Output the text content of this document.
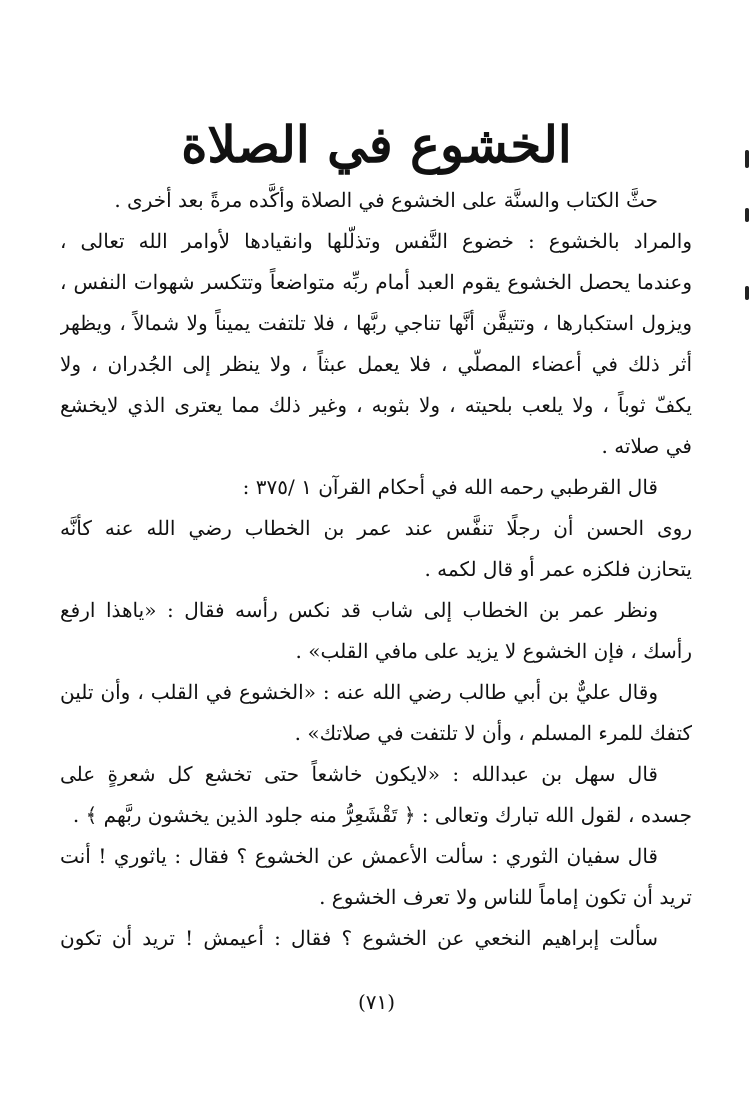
الخشوع في الصلاة
حثَّ الكتاب والسنَّة على الخشوع في الصلاة وأكَّده مرةً بعد أخرى .
والمراد بالخشوع : خضوع النَّفس وتذلّلها وانقيادها لأوامر الله تعالى ،
وعندما يحصل الخشوع يقوم العبد أمام ربِّه متواضعاً وتتكسر شهوات النفس ،
ويزول استكبارها ، وتتيقَّن أنَّها تناجي ربَّها ، فلا تلتفت يميناً ولا شمالاً ، ويظهر
أثر ذلك في أعضاء المصلّي ، فلا يعمل عبثاً ، ولا ينظر إلى الجُدران ، ولا
يكفّ ثوباً ، ولا يلعب بلحيته ، ولا بثوبه ، وغير ذلك مما يعترى الذي لايخشع
في صلاته .
قال القرطبي رحمه الله في أحكام القرآن ١ /٣٧٥ :
روى الحسن أن رجلًا تنفَّس عند عمر بن الخطاب رضي الله عنه كأنَّه
يتحازن فلكزه عمر أو قال لكمه .
ونظر عمر بن الخطاب إلى شاب قد نكس رأسه فقال : «ياهذا ارفع
رأسك ، فإن الخشوع لا يزيد على مافي القلب» .
وقال عليٌّ بن أبي طالب رضي الله عنه : «الخشوع في القلب ، وأن تلين
كتفك للمرء المسلم ، وأن لا تلتفت في صلاتك» .
قال سهل بن عبدالله : «لايكون خاشعاً حتى تخشع كل شعرةٍ على
جسده ، لقول الله تبارك وتعالى : ﴿ تَقْشَعِرُّ منه جلود الذين يخشون ربَّهم ﴾ .
قال سفيان الثوري : سألت الأعمش عن الخشوع ؟ فقال : ياثوري ! أنت
تريد أن تكون إماماً للناس ولا تعرف الخشوع .
سألت إبراهيم النخعي عن الخشوع ؟ فقال : أعيمش ! تريد أن تكون
(٧١)
